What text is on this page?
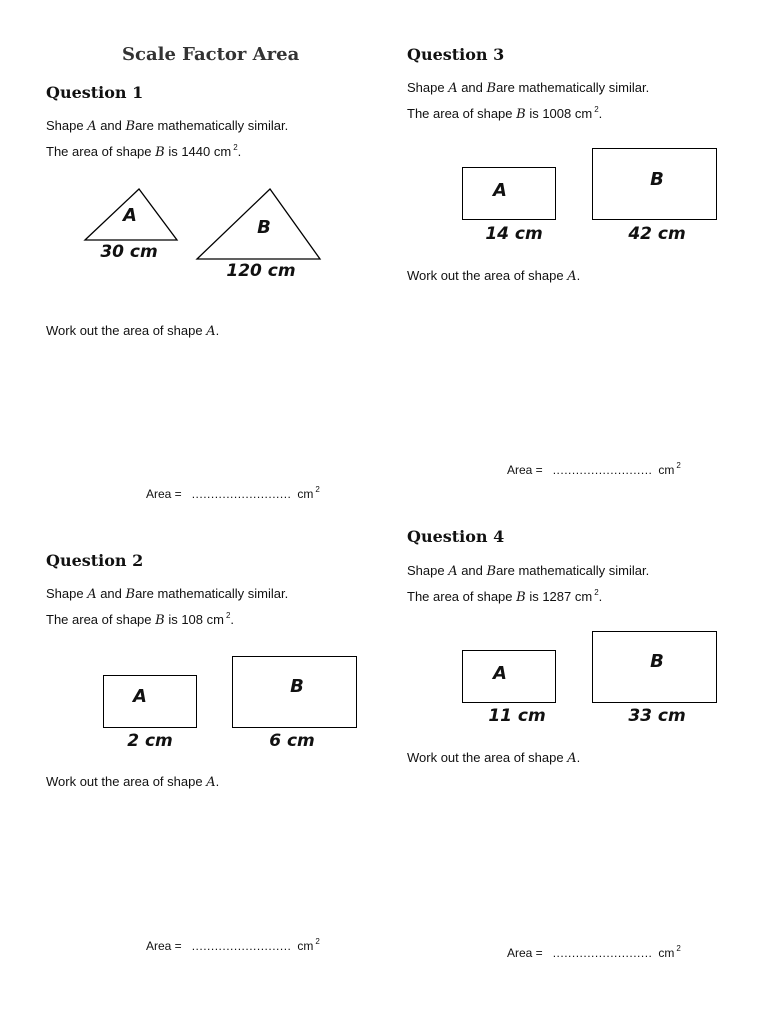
Scale Factor Area
Question 1
Shape A and Bare mathematically similar.
The area of shape B is 1440 cm $^2$.
A
B
30 cm
120 cm
Work out the area of shape A.
Area = .......................... cm $^2$
Question 2
Shape A and Bare mathematically similar.
The area of shape B is 108 cm $^2$.
A	B
2 cm	6 cm
Work out the area of shape A.
Area = .......................... cm $^2$
Question 3
Shape A and Bare mathematically similar.
The area of shape B is 1008 cm $^2$.
A
B
14 cm	42 cm
Work out the area of shape A.
Area = .......................... cm $^2$
Question 4
Shape A and Bare mathematically similar.
The area of shape B is 1287 cm $^2$.
A
B
11 cm	33 cm
Work out the area of shape A.
Area = .......................... cm $^2$
